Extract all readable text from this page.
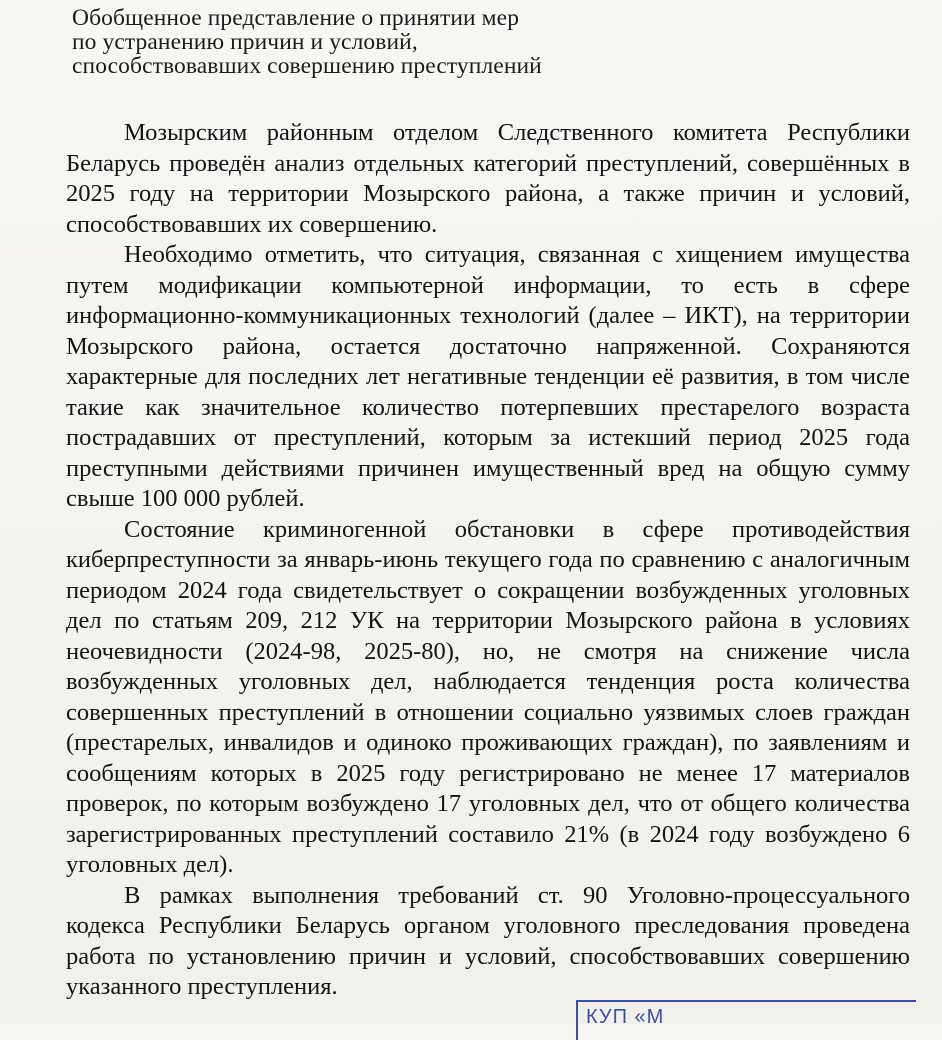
Обобщенное представление о принятии мер
по устранению причин и условий,
способствовавших совершению преступлений

Мозырским районным отделом Следственного комитета Республики Беларусь проведён анализ отдельных категорий преступлений, совершённых в 2025 году на территории Мозырского района, а также причин и условий, способствовавших их совершению.

Необходимо отметить, что ситуация, связанная с хищением имущества путем модификации компьютерной информации, то есть в сфере информационно-коммуникационных технологий (далее – ИКТ), на территории Мозырского района, остается достаточно напряженной. Сохраняются характерные для последних лет негативные тенденции её развития, в том числе такие как значительное количество потерпевших престарелого возраста пострадавших от преступлений, которым за истекший период 2025 года преступными действиями причинен имущественный вред на общую сумму свыше 100 000 рублей.

Состояние криминогенной обстановки в сфере противодействия киберпреступности за январь-июнь текущего года по сравнению с аналогичным периодом 2024 года свидетельствует о сокращении возбужденных уголовных дел по статьям 209, 212 УК на территории Мозырского района в условиях неочевидности (2024-98, 2025-80), но, не смотря на снижение числа возбужденных уголовных дел, наблюдается тенденция роста количества совершенных преступлений в отношении социально уязвимых слоев граждан (престарелых, инвалидов и одиноко проживающих граждан), по заявлениям и сообщениям которых в 2025 году регистрировано не менее 17 материалов проверок, по которым возбуждено 17 уголовных дел, что от общего количества зарегистрированных преступлений составило 21% (в 2024 году возбуждено 6 уголовных дел).

В рамках выполнения требований ст. 90 Уголовно-процессуального кодекса Республики Беларусь органом уголовного преследования проведена работа по установлению причин и условий, способствовавших совершению указанного преступления.

КУП «М
